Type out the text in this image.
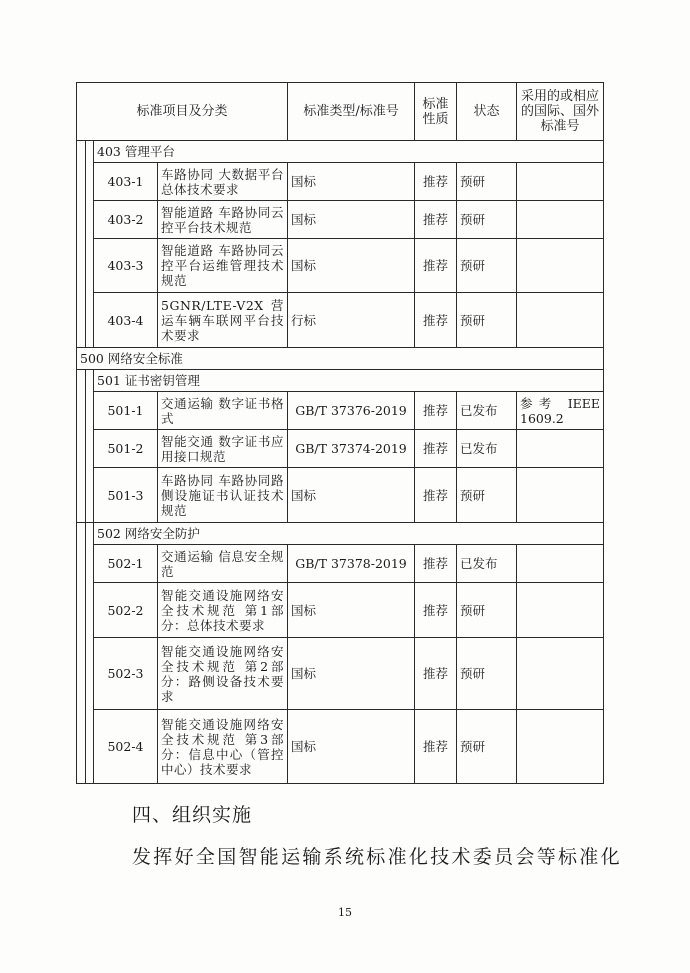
标准项目及分类				标准类型/标准号	标准性质	状态	采用的或相应的国际、国外标准号
		403 管理平台					
		403-1	车路协同 大数据平台总体技术要求	国标	推荐	预研	
		403-2	智能道路 车路协同云控平台技术规范	国标	推荐	预研	
		403-3	智能道路 车路协同云控平台运维管理技术规范	国标	推荐	预研	
		403-4	5GNR/LTE-V2X 营运车辆车联网平台技术要求	行标	推荐	预研	
500 网络安全标准							
		501 证书密钥管理					
		501-1	交通运输 数字证书格式	GB/T 37376-2019	推荐	已发布	参考 IEEE 1609.2
		501-2	智能交通 数字证书应用接口规范	GB/T 37374-2019	推荐	已发布	
		501-3	车路协同 车路协同路侧设施证书认证技术规范	国标	推荐	预研	
		502 网络安全防护					
		502-1	交通运输 信息安全规范	GB/T 37378-2019	推荐	已发布	
		502-2	智能交通设施网络安全技术规范 第1部分：总体技术要求	国标	推荐	预研	
		502-3	智能交通设施网络安全技术规范 第2部分：路侧设备技术要求	国标	推荐	预研	
		502-4	智能交通设施网络安全技术规范 第3部分：信息中心（管控中心）技术要求	国标	推荐	预研	
四、组织实施
发挥好全国智能运输系统标准化技术委员会等标准化
15
